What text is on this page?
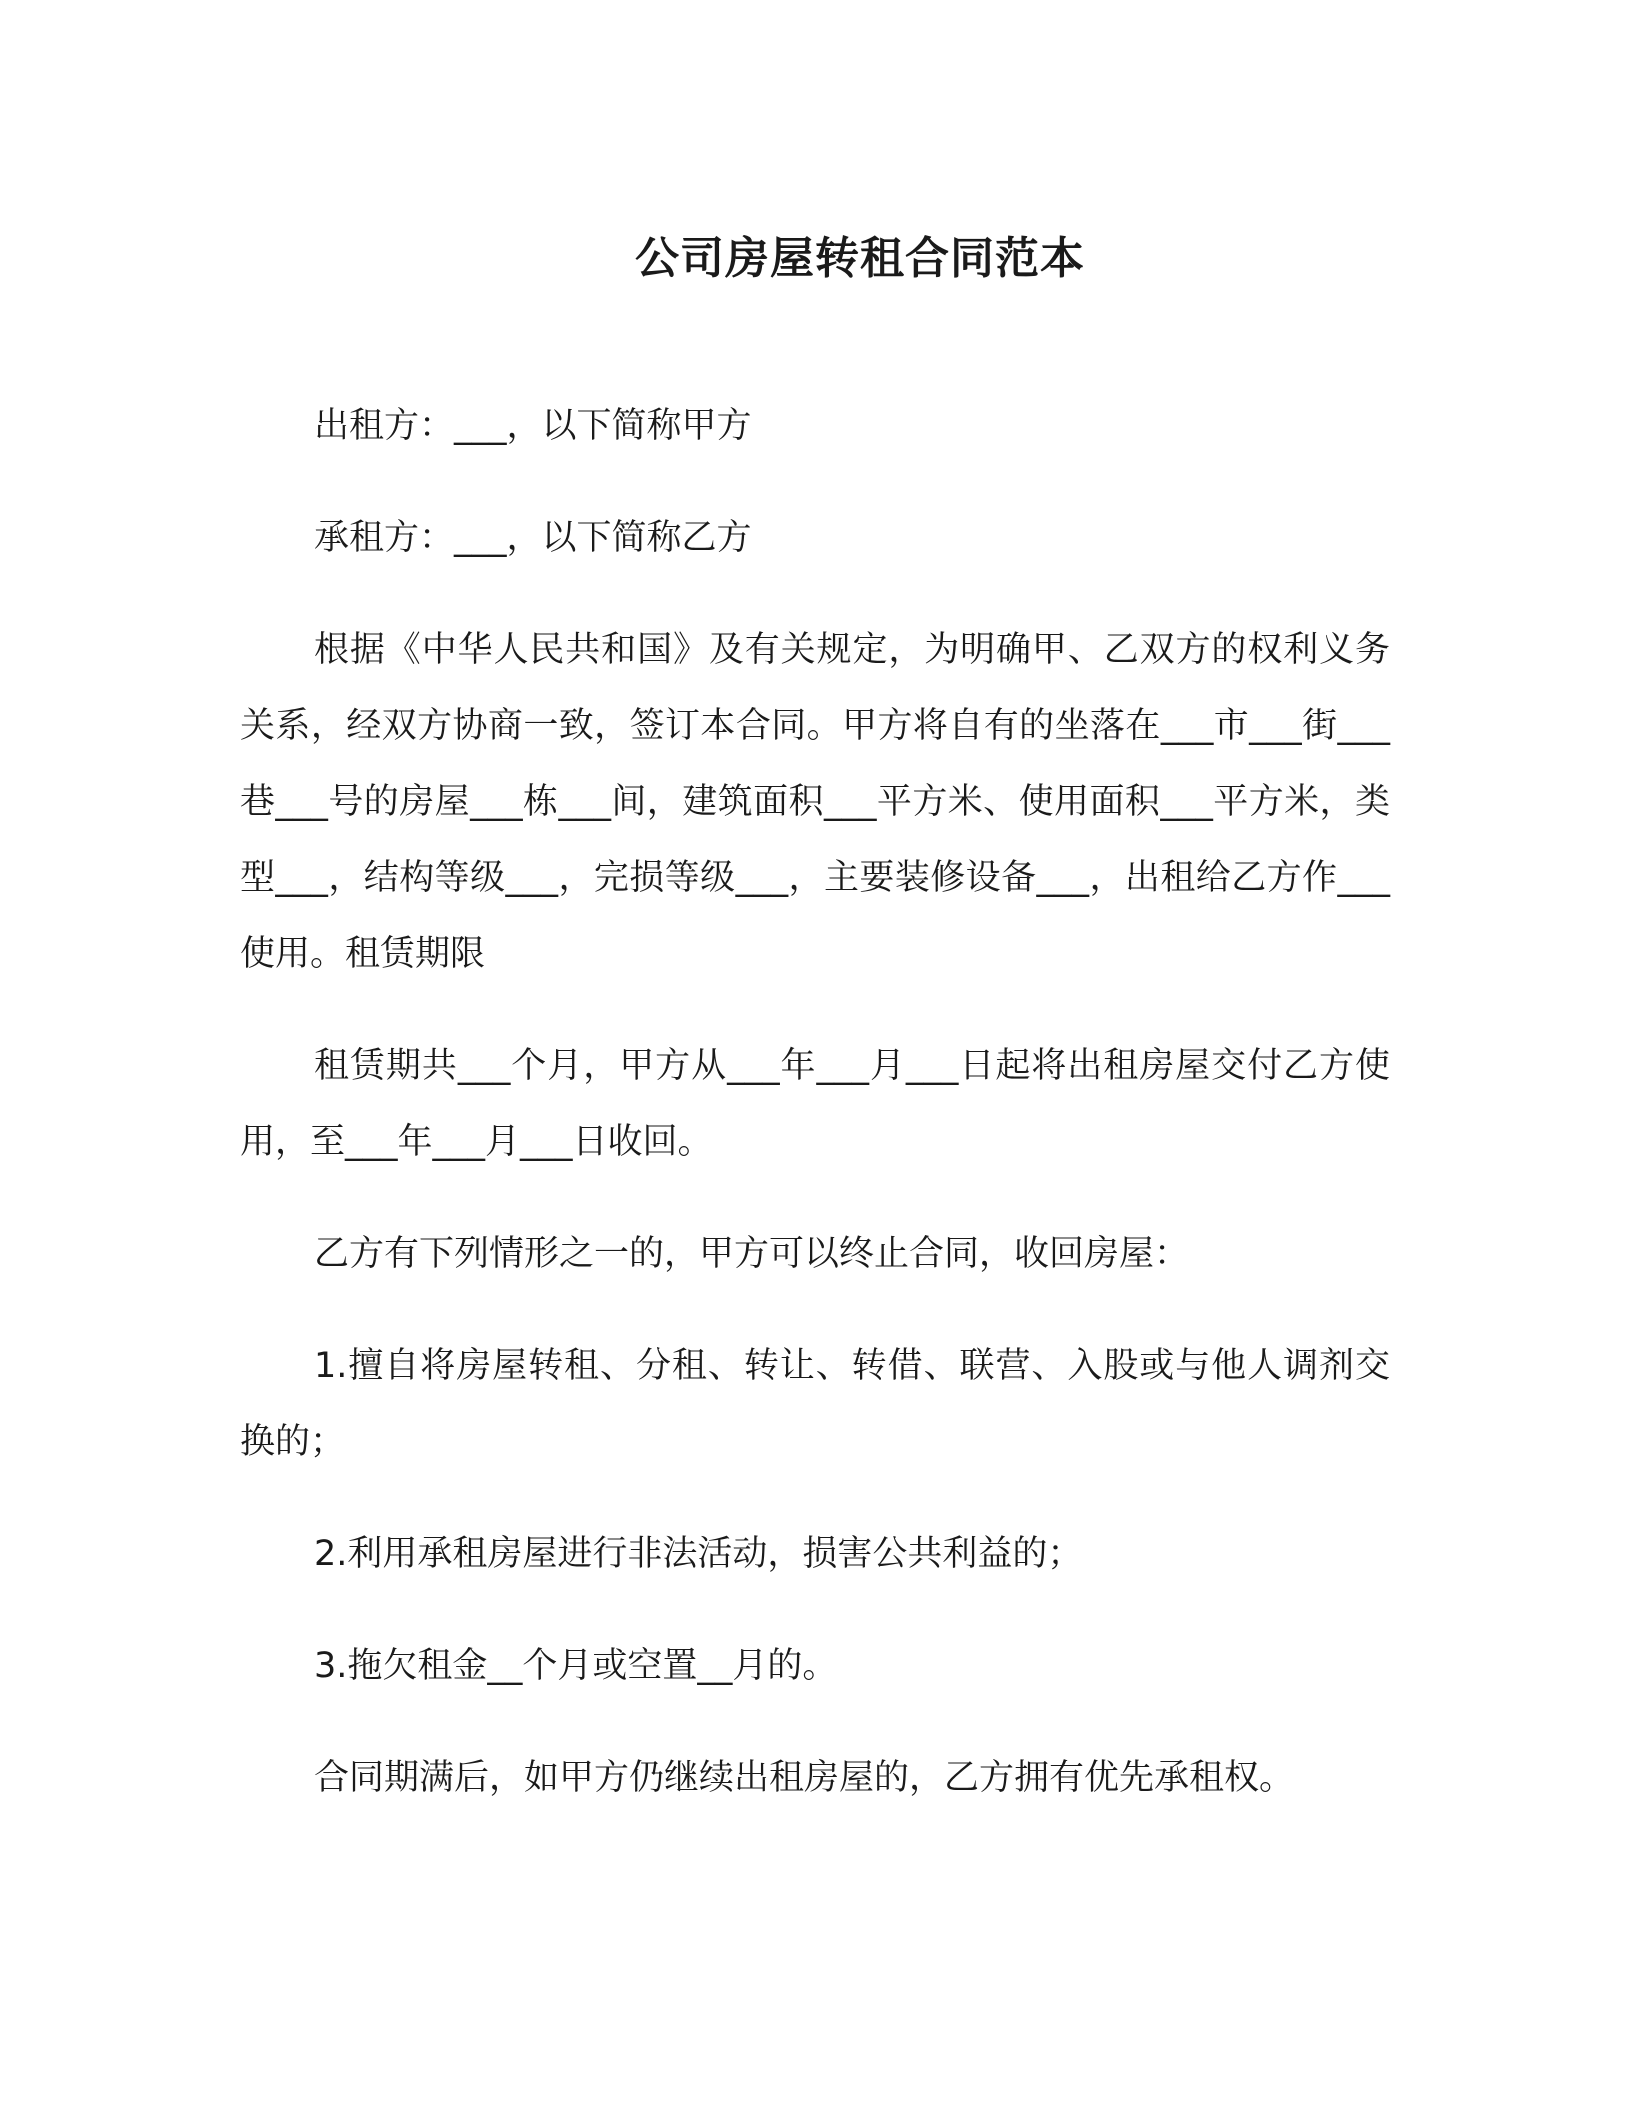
公司房屋转租合同范本

出租方：___，以下简称甲方

承租方：___，以下简称乙方

根据《中华人民共和国》及有关规定，为明确甲、乙双方的权利义务关系，经双方协商一致，签订本合同。甲方将自有的坐落在___市___街___巷___号的房屋___栋___间，建筑面积___平方米、使用面积___平方米，类型___，结构等级___，完损等级___，主要装修设备___，出租给乙方作___使用。租赁期限

租赁期共___个月，甲方从___年___月___日起将出租房屋交付乙方使用，至___年___月___日收回。

乙方有下列情形之一的，甲方可以终止合同，收回房屋：

1.擅自将房屋转租、分租、转让、转借、联营、入股或与他人调剂交换的；

2.利用承租房屋进行非法活动，损害公共利益的；

3.拖欠租金__个月或空置__月的。

合同期满后，如甲方仍继续出租房屋的，乙方拥有优先承租权。
